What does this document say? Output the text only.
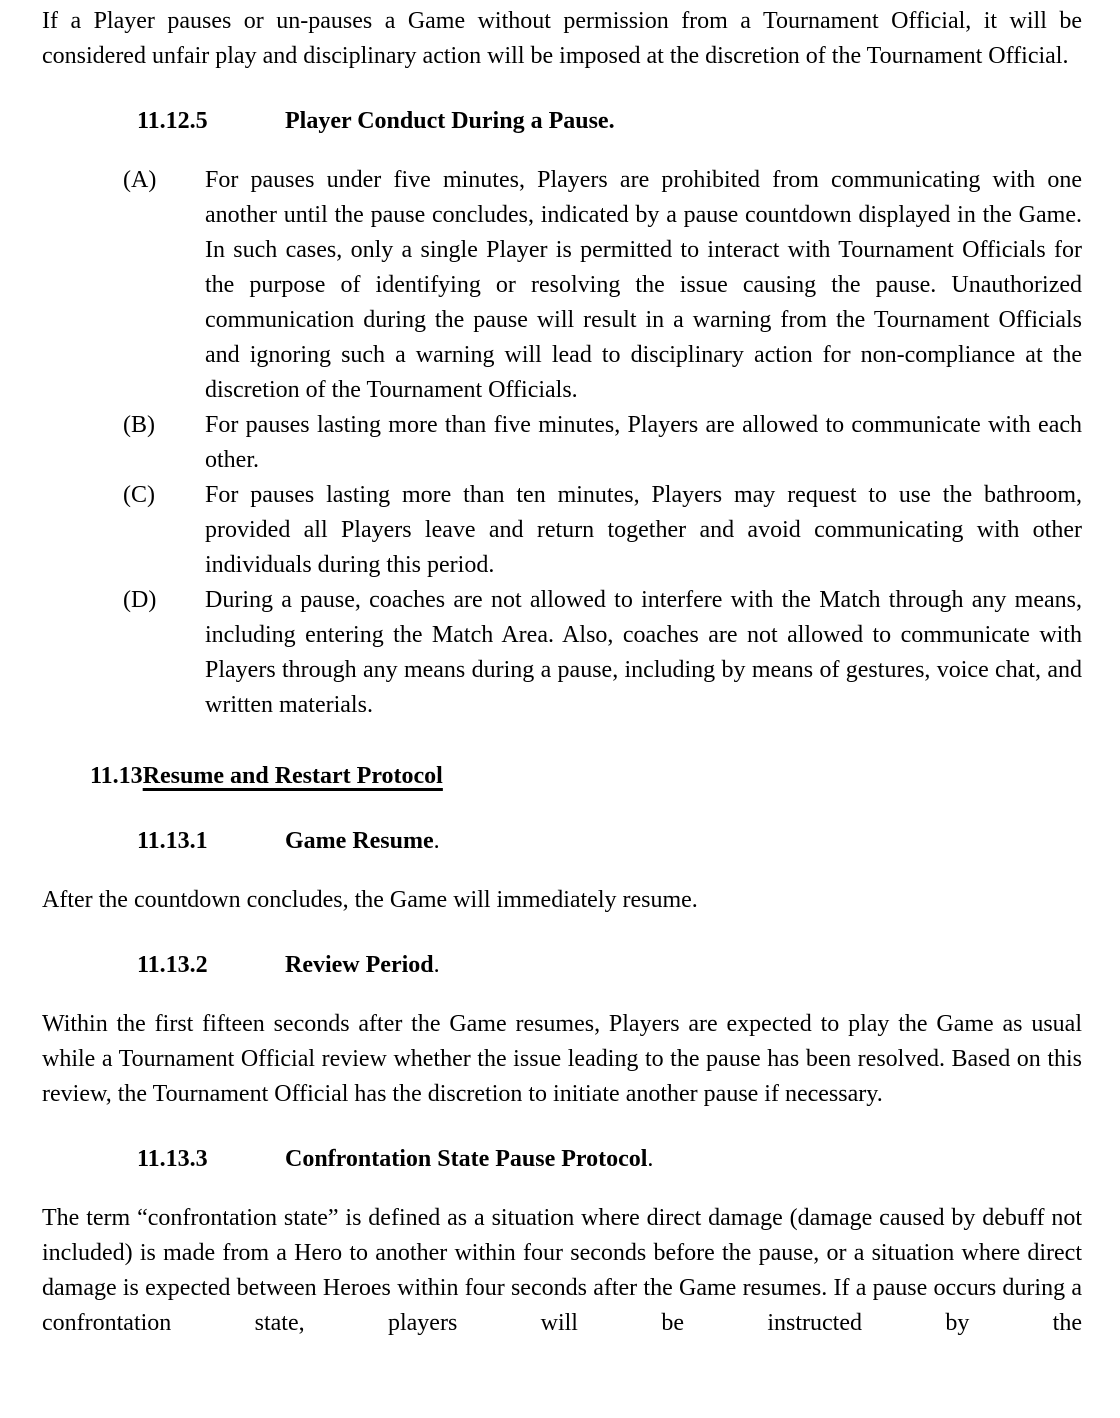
If a Player pauses or un-pauses a Game without permission from a Tournament Official, it will be considered unfair play and disciplinary action will be imposed at the discretion of the Tournament Official.

11.12.5	Player Conduct During a Pause.
(A)	For pauses under five minutes, Players are prohibited from communicating with one another until the pause concludes, indicated by a pause countdown displayed in the Game. In such cases, only a single Player is permitted to interact with Tournament Officials for the purpose of identifying or resolving the issue causing the pause. Unauthorized communication during the pause will result in a warning from the Tournament Officials and ignoring such a warning will lead to disciplinary action for non-compliance at the discretion of the Tournament Officials.
(B)	For pauses lasting more than five minutes, Players are allowed to communicate with each other.
(C)	For pauses lasting more than ten minutes, Players may request to use the bathroom, provided all Players leave and return together and avoid communicating with other individuals during this period.
(D)	During a pause, coaches are not allowed to interfere with the Match through any means, including entering the Match Area. Also, coaches are not allowed to communicate with Players through any means during a pause, including by means of gestures, voice chat, and written materials.
11.13Resume and Restart Protocol
11.13.1	Game Resume.

After the countdown concludes, the Game will immediately resume.

11.13.2	Review Period.

Within the first fifteen seconds after the Game resumes, Players are expected to play the Game as usual while a Tournament Official review whether the issue leading to the pause has been resolved. Based on this review, the Tournament Official has the discretion to initiate another pause if necessary.

11.13.3	Confrontation State Pause Protocol.

The term “confrontation state” is defined as a situation where direct damage (damage caused by debuff not included) is made from a Hero to another within four seconds before the pause, or a situation where direct damage is expected between Heroes within four seconds after the Game resumes. If a pause occurs during a confrontation state, players will be instructed by the
